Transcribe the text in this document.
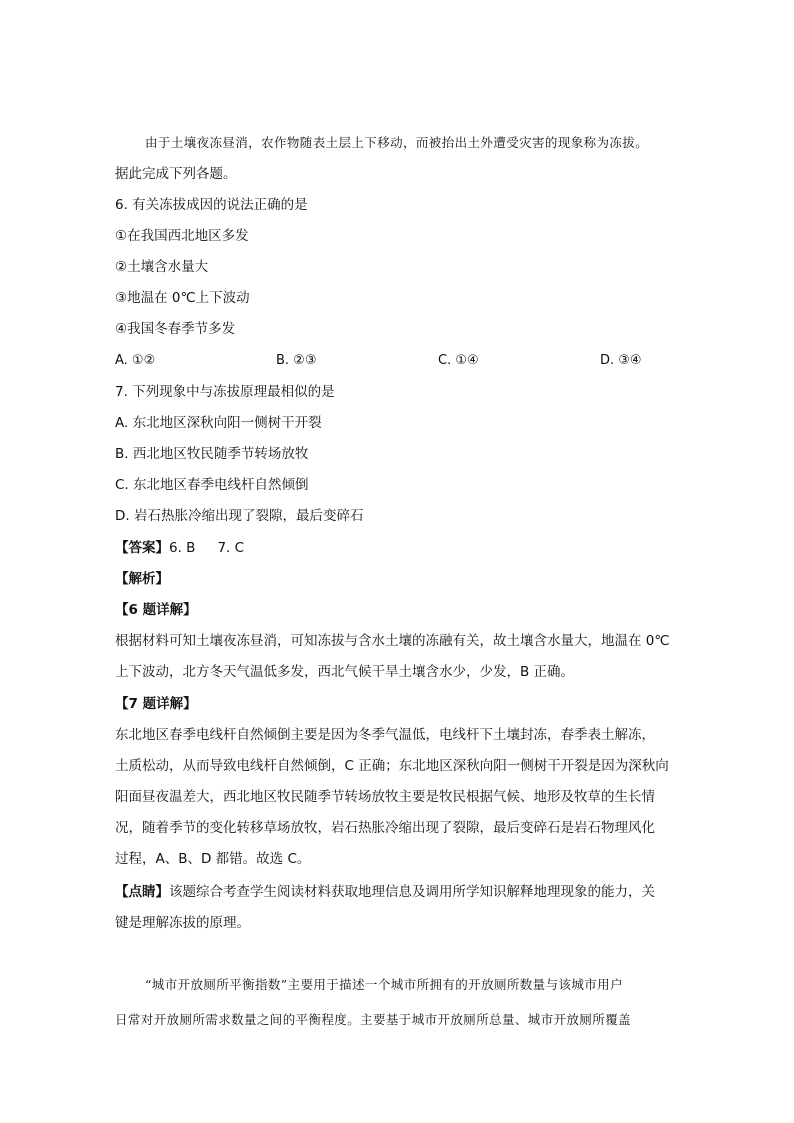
由于土壤夜冻昼消，农作物随表土层上下移动，而被抬出土外遭受灾害的现象称为冻拔。

据此完成下列各题。

6. 有关冻拔成因的说法正确的是

①在我国西北地区多发

②土壤含水量大

③地温在 0℃上下波动

④我国冬春季节多发

A. ①②	B. ②③	C. ①④	D. ③④

7. 下列现象中与冻拔原理最相似的是

A. 东北地区深秋向阳一侧树干开裂

B. 西北地区牧民随季节转场放牧

C. 东北地区春季电线杆自然倾倒

D. 岩石热胀冷缩出现了裂隙，最后变碎石

【答案】6. B 7. C

【解析】

【6 题详解】

根据材料可知土壤夜冻昼消，可知冻拔与含水土壤的冻融有关，故土壤含水量大，地温在 0℃

上下波动，北方冬天气温低多发，西北气候干旱土壤含水少，少发，B 正确。

【7 题详解】

东北地区春季电线杆自然倾倒主要是因为冬季气温低，电线杆下土壤封冻，春季表土解冻，

土质松动，从而导致电线杆自然倾倒，C 正确；东北地区深秋向阳一侧树干开裂是因为深秋向

阳面昼夜温差大，西北地区牧民随季节转场放牧主要是牧民根据气候、地形及牧草的生长情

况，随着季节的变化转移草场放牧，岩石热胀冷缩出现了裂隙，最后变碎石是岩石物理风化

过程，A、B、D 都错。故选 C。

【点睛】该题综合考查学生阅读材料获取地理信息及调用所学知识解释地理现象的能力，关

键是理解冻拔的原理。

“城市开放厕所平衡指数”主要用于描述一个城市所拥有的开放厕所数量与该城市用户

日常对开放厕所需求数量之间的平衡程度。主要基于城市开放厕所总量、城市开放厕所覆盖
